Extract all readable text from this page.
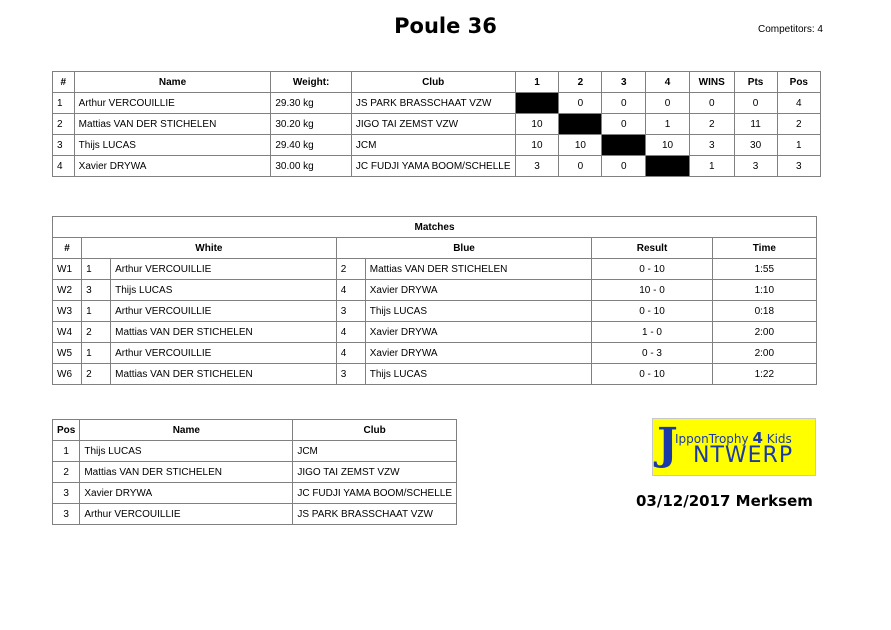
Poule 36	Competitors: 4
#	Name	Weight:	Club	1	2	3	4	WINS	Pts	Pos
1	Arthur VERCOUILLIE	29.30 kg	JS PARK BRASSCHAAT VZW		0	0	0	0	0	4
2	Mattias VAN DER STICHELEN	30.20 kg	JIGO TAI ZEMST VZW	10		0	1	2	11	2
3	Thijs LUCAS	29.40 kg	JCM	10	10		10	3	30	1
4	Xavier DRYWA	30.00 kg	JC FUDJI YAMA BOOM/SCHELLE	3	0	0		1	3	3
Matches						
#	White		Blue		Result	Time
W1	1	Arthur VERCOUILLIE	2	Mattias VAN DER STICHELEN	0 - 10	1:55
W2	3	Thijs LUCAS	4	Xavier DRYWA	10 - 0	1:10
W3	1	Arthur VERCOUILLIE	3	Thijs LUCAS	0 - 10	0:18
W4	2	Mattias VAN DER STICHELEN	4	Xavier DRYWA	1 - 0	2:00
W5	1	Arthur VERCOUILLIE	4	Xavier DRYWA	0 - 3	2:00
W6	2	Mattias VAN DER STICHELEN	3	Thijs LUCAS	0 - 10	1:22
Pos	Name	Club
1	Thijs LUCAS	JCM
2	Mattias VAN DER STICHELEN	JIGO TAI ZEMST VZW
3	Xavier DRYWA	JC FUDJI YAMA BOOM/SCHELLE
3	Arthur VERCOUILLIE	JS PARK BRASSCHAAT VZW
J
IpponTrophy 4 Kids
NTWERP
03/12/2017 Merksem
